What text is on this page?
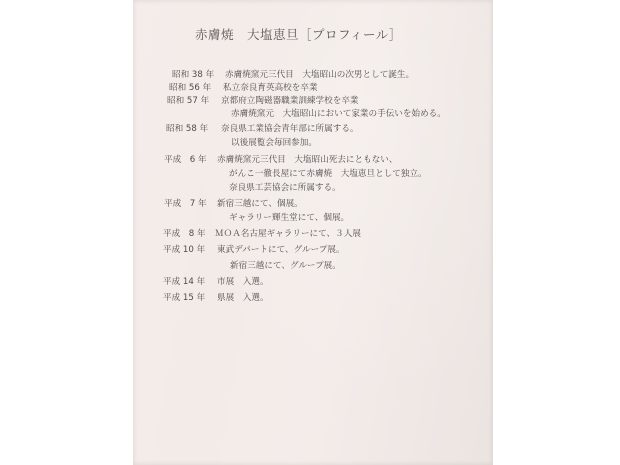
赤膚焼　大塩恵旦［プロフィール］
昭和 38 年 赤膚焼窯元三代目　大塩昭山の次男として誕生。
昭和 56 年 私立奈良育英高校を卒業
昭和 57 年 京都府立陶磁器職業訓練学校を卒業
赤膚焼窯元　大塩昭山において家業の手伝いを始める。
昭和 58 年 奈良県工業協会青年部に所属する。
以後展覧会毎回参加。
平成　6 年 赤膚焼窯元三代目　大塩昭山死去にともない、
がんこ一徹長屋にて赤膚焼　大塩恵旦として独立。
奈良県工芸協会に所属する。
平成　7 年 新宿三越にて、個展。
ギャラリー輝生堂にて、個展。
平成　8 年 ＭＯＡ名古屋ギャラリーにて、３人展
平成 10 年 東武デパートにて、グループ展。
新宿三越にて、グループ展。
平成 14 年 市展　入選。
平成 15 年 県展　入選。
